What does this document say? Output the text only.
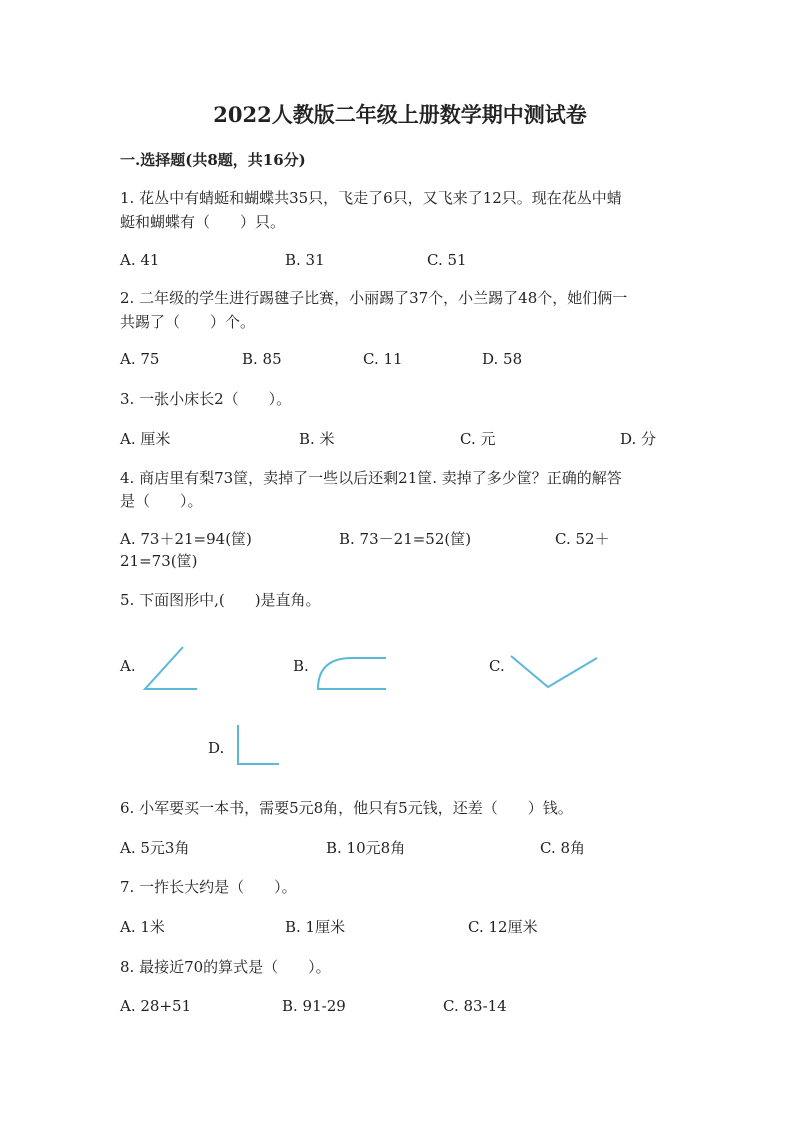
2022人教版二年级上册数学期中测试卷
一.选择题(共8题，共16分)
1. 花丛中有蜻蜓和蝴蝶共35只，飞走了6只，又飞来了12只。现在花丛中蜻
蜓和蝴蝶有（　　）只。
A. 41	B. 31	C. 51
2. 二年级的学生进行踢毽子比赛，小丽踢了37个，小兰踢了48个，她们俩一
共踢了（　　）个。
A. 75	B. 85	C. 11	D. 58
3. 一张小床长2（　　）。
A. 厘米	B. 米	C. 元	D. 分
4. 商店里有梨73筐，卖掉了一些以后还剩21筐. 卖掉了多少筐？正确的解答
是（　　）。
A. 73＋21=94(筐)	B. 73－21=52(筐)	C. 52＋
21=73(筐)
5. 下面图形中,(　　)是直角。
A.	B.	C.
D.
6. 小军要买一本书，需要5元8角，他只有5元钱，还差（　　）钱。
A. 5元3角	B. 10元8角	C. 8角
7. 一拃长大约是（　　）。
A. 1米	B. 1厘米	C. 12厘米
8. 最接近70的算式是（　　）。
A. 28+51	B. 91-29	C. 83-14
